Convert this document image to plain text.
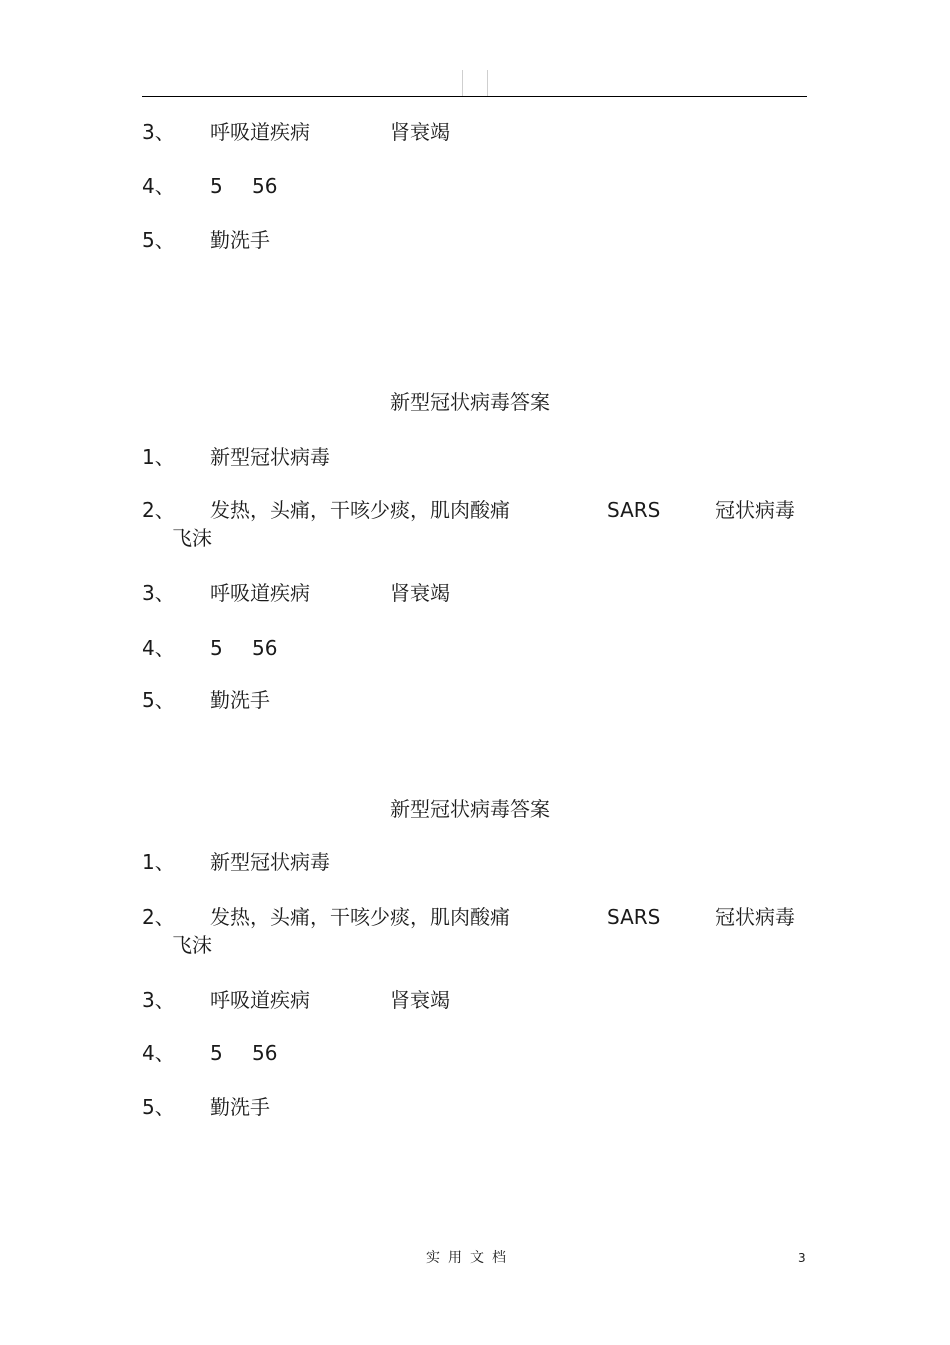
3、 呼吸道疾病	肾衰竭
4、 5 56
5、 勤洗手
新型冠状病毒答案
1、 新型冠状病毒
2、 发热，头痛，干咳少痰，肌肉酸痛	SARS	冠状病毒
飞沫
3、 呼吸道疾病	肾衰竭
4、 5 56
5、 勤洗手
新型冠状病毒答案
1、 新型冠状病毒
2、 发热，头痛，干咳少痰，肌肉酸痛	SARS	冠状病毒
飞沫
3、 呼吸道疾病	肾衰竭
4、 5 56
5、 勤洗手
实用文档	3
